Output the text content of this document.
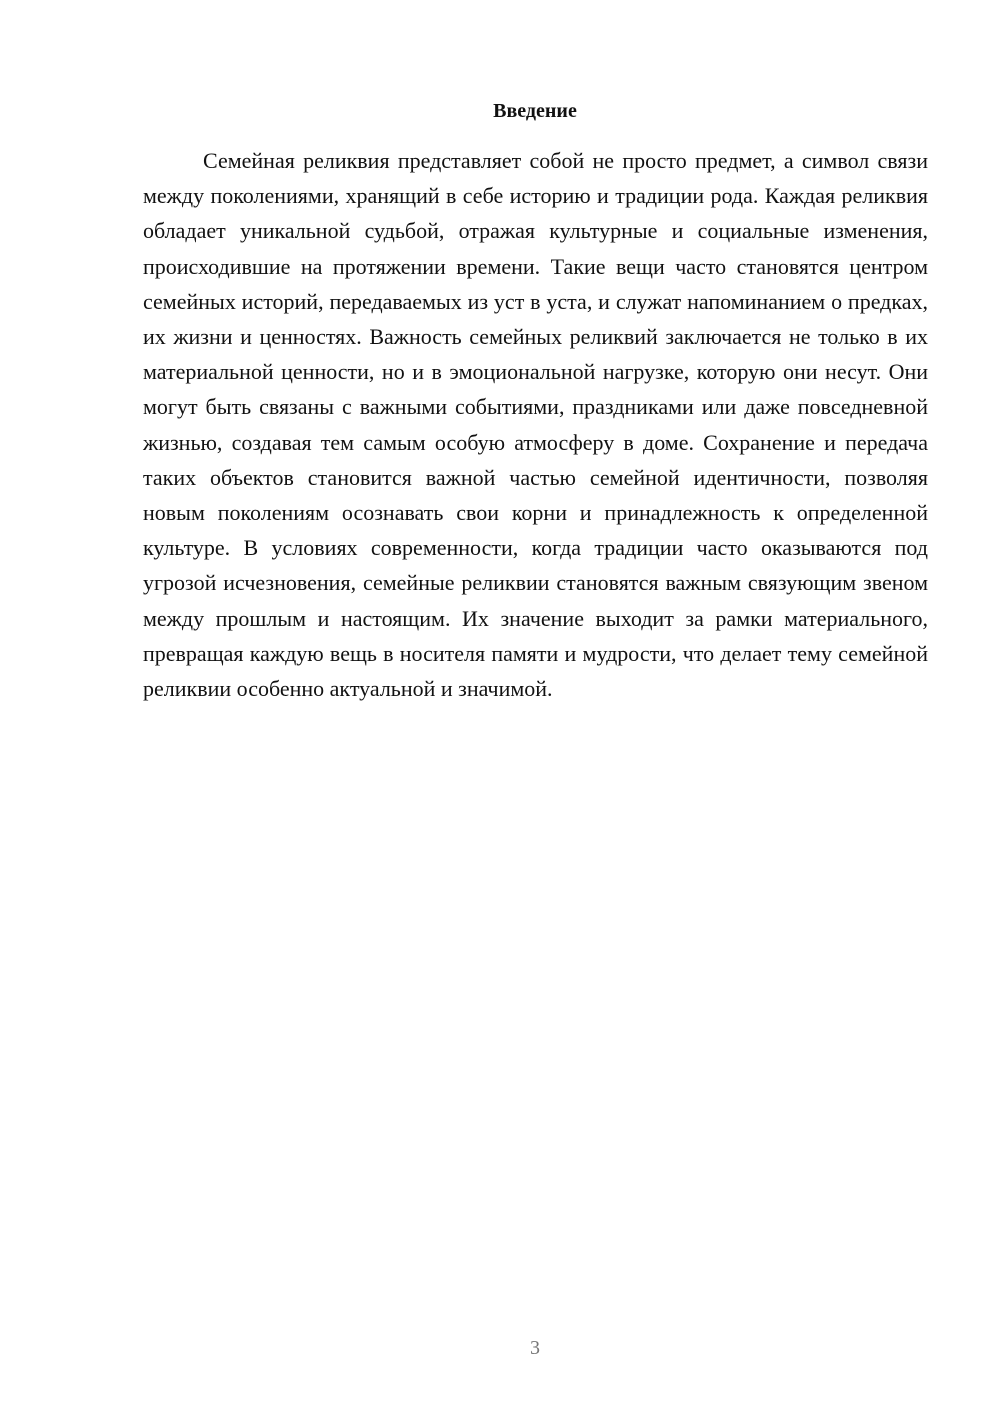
Введение

Семейная реликвия представляет собой не просто предмет, а символ связи между поколениями, хранящий в себе историю и традиции рода. Каждая реликвия обладает уникальной судьбой, отражая культурные и социальные изменения, происходившие на протяжении времени. Такие вещи часто становятся центром семейных историй, передаваемых из уст в уста, и служат напоминанием о предках, их жизни и ценностях. Важность семейных реликвий заключается не только в их материальной ценности, но и в эмоциональной нагрузке, которую они несут. Они могут быть связаны с важными событиями, праздниками или даже повседневной жизнью, создавая тем самым особую атмосферу в доме. Сохранение и передача таких объектов становится важной частью семейной идентичности, позволяя новым поколениям осознавать свои корни и принадлежность к определенной культуре. В условиях современности, когда традиции часто оказываются под угрозой исчезновения, семейные реликвии становятся важным связующим звеном между прошлым и настоящим. Их значение выходит за рамки материального, превращая каждую вещь в носителя памяти и мудрости, что делает тему семейной реликвии особенно актуальной и значимой.

3
